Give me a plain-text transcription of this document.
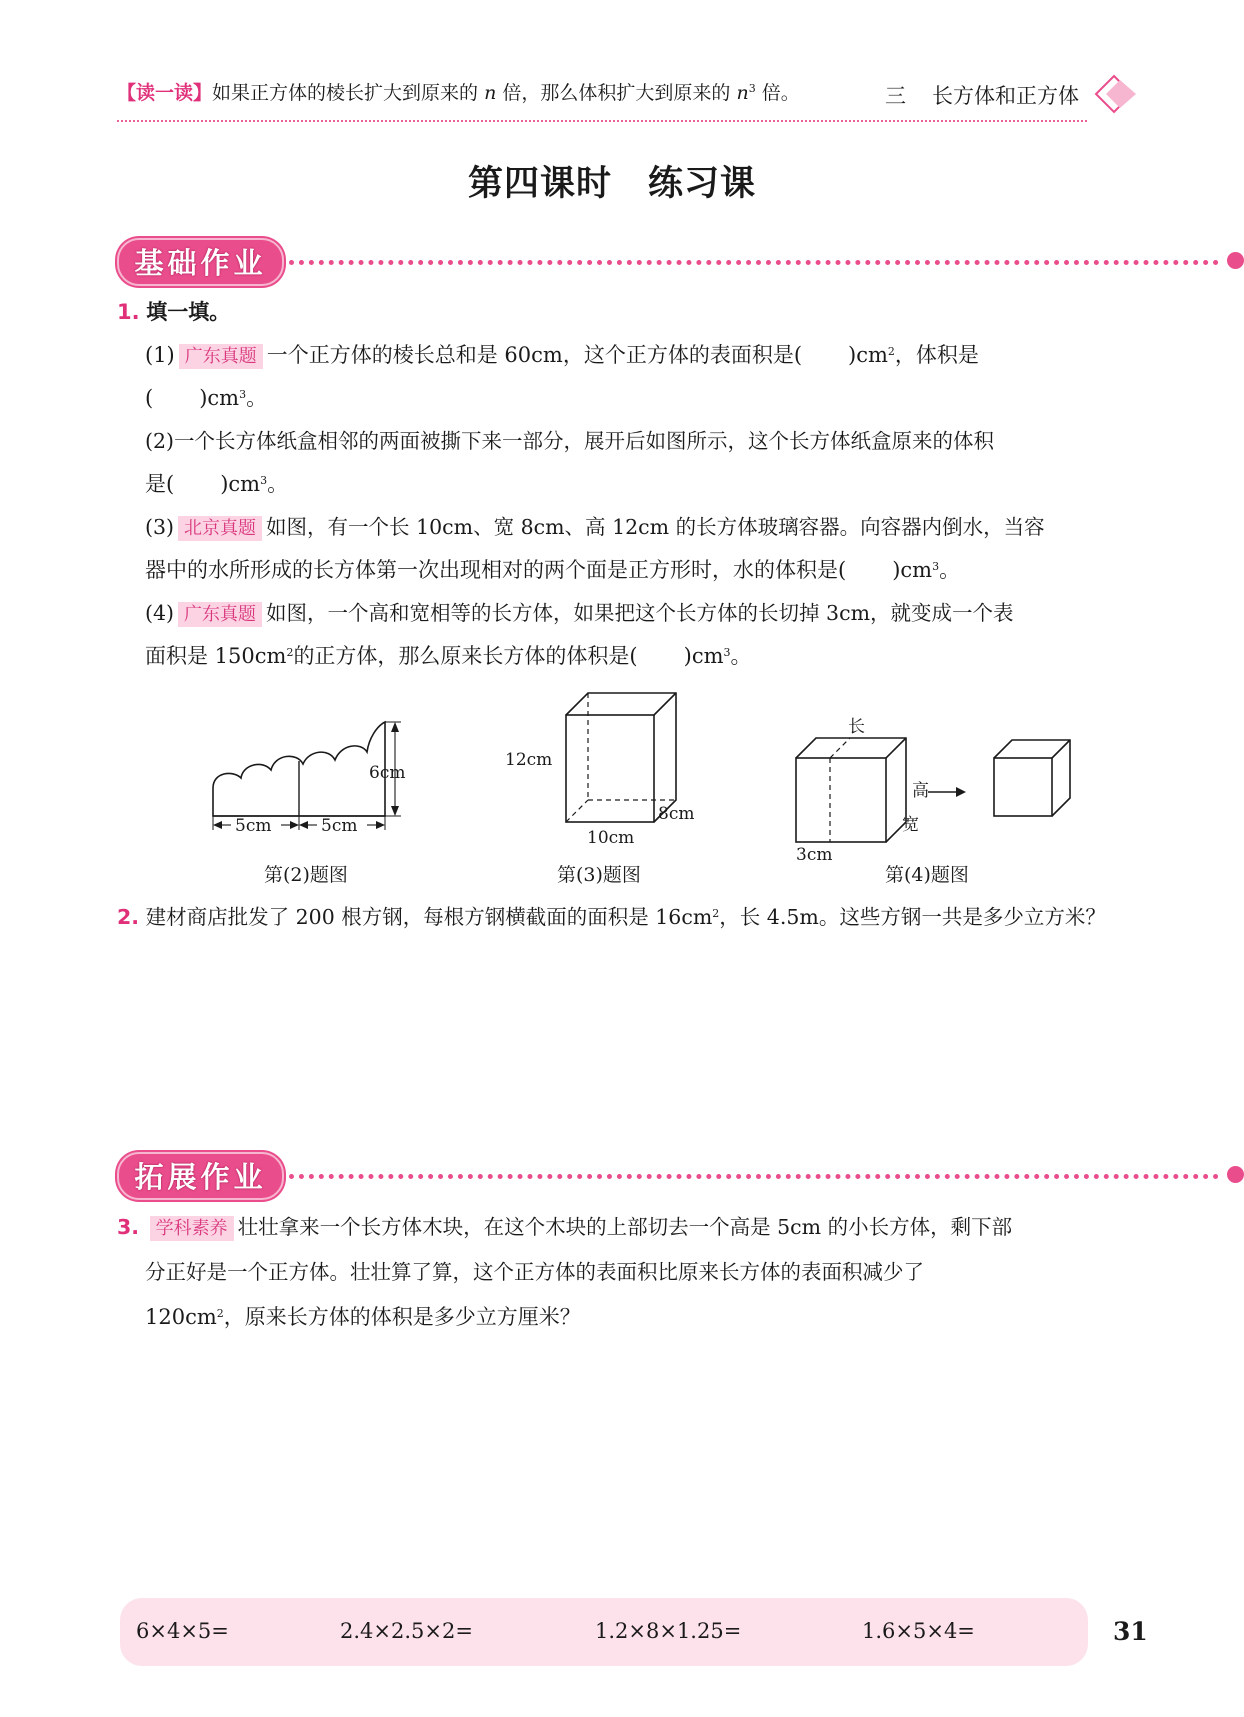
【读一读】如果正方体的棱长扩大到原来的 n 倍，那么体积扩大到原来的 $n^3$ 倍。	三 长方体和正方体
第四课时　练习课
基础作业
1. 填一填。
(1) 广东真题 一个正方体的棱长总和是 60cm，这个正方体的表面积是( )$cm^2$，体积是
( )$cm^3$。
(2)一个长方体纸盒相邻的两面被撕下来一部分，展开后如图所示，这个长方体纸盒原来的体积
是( )$cm^3$。
(3) 北京真题 如图，有一个长 10cm、宽 8cm、高 12cm 的长方体玻璃容器。向容器内倒水，当容
器中的水所形成的长方体第一次出现相对的两个面是正方形时，水的体积是( )$cm^3$。
(4) 广东真题 如图，一个高和宽相等的长方体，如果把这个长方体的长切掉 3cm，就变成一个表
面积是 $150cm^2$的正方体，那么原来长方体的体积是( )$cm^3$。
6cm
5cm	5cm
第(2)题图
12cm
8cm
10cm
第(3)题图
长
高
宽
3cm
第(4)题图
2. 建材商店批发了 200 根方钢，每根方钢横截面的面积是 $16cm^2$，长 4.5m。这些方钢一共是多少立方米？
拓展作业
3. 学科素养 壮壮拿来一个长方体木块，在这个木块的上部切去一个高是 5cm 的小长方体，剩下部
分正好是一个正方体。壮壮算了算，这个正方体的表面积比原来长方体的表面积减少了
$120cm^2$，原来长方体的体积是多少立方厘米？
6×4×5=	2.4×2.5×2=	1.2×8×1.25=	1.6×5×4=	31
